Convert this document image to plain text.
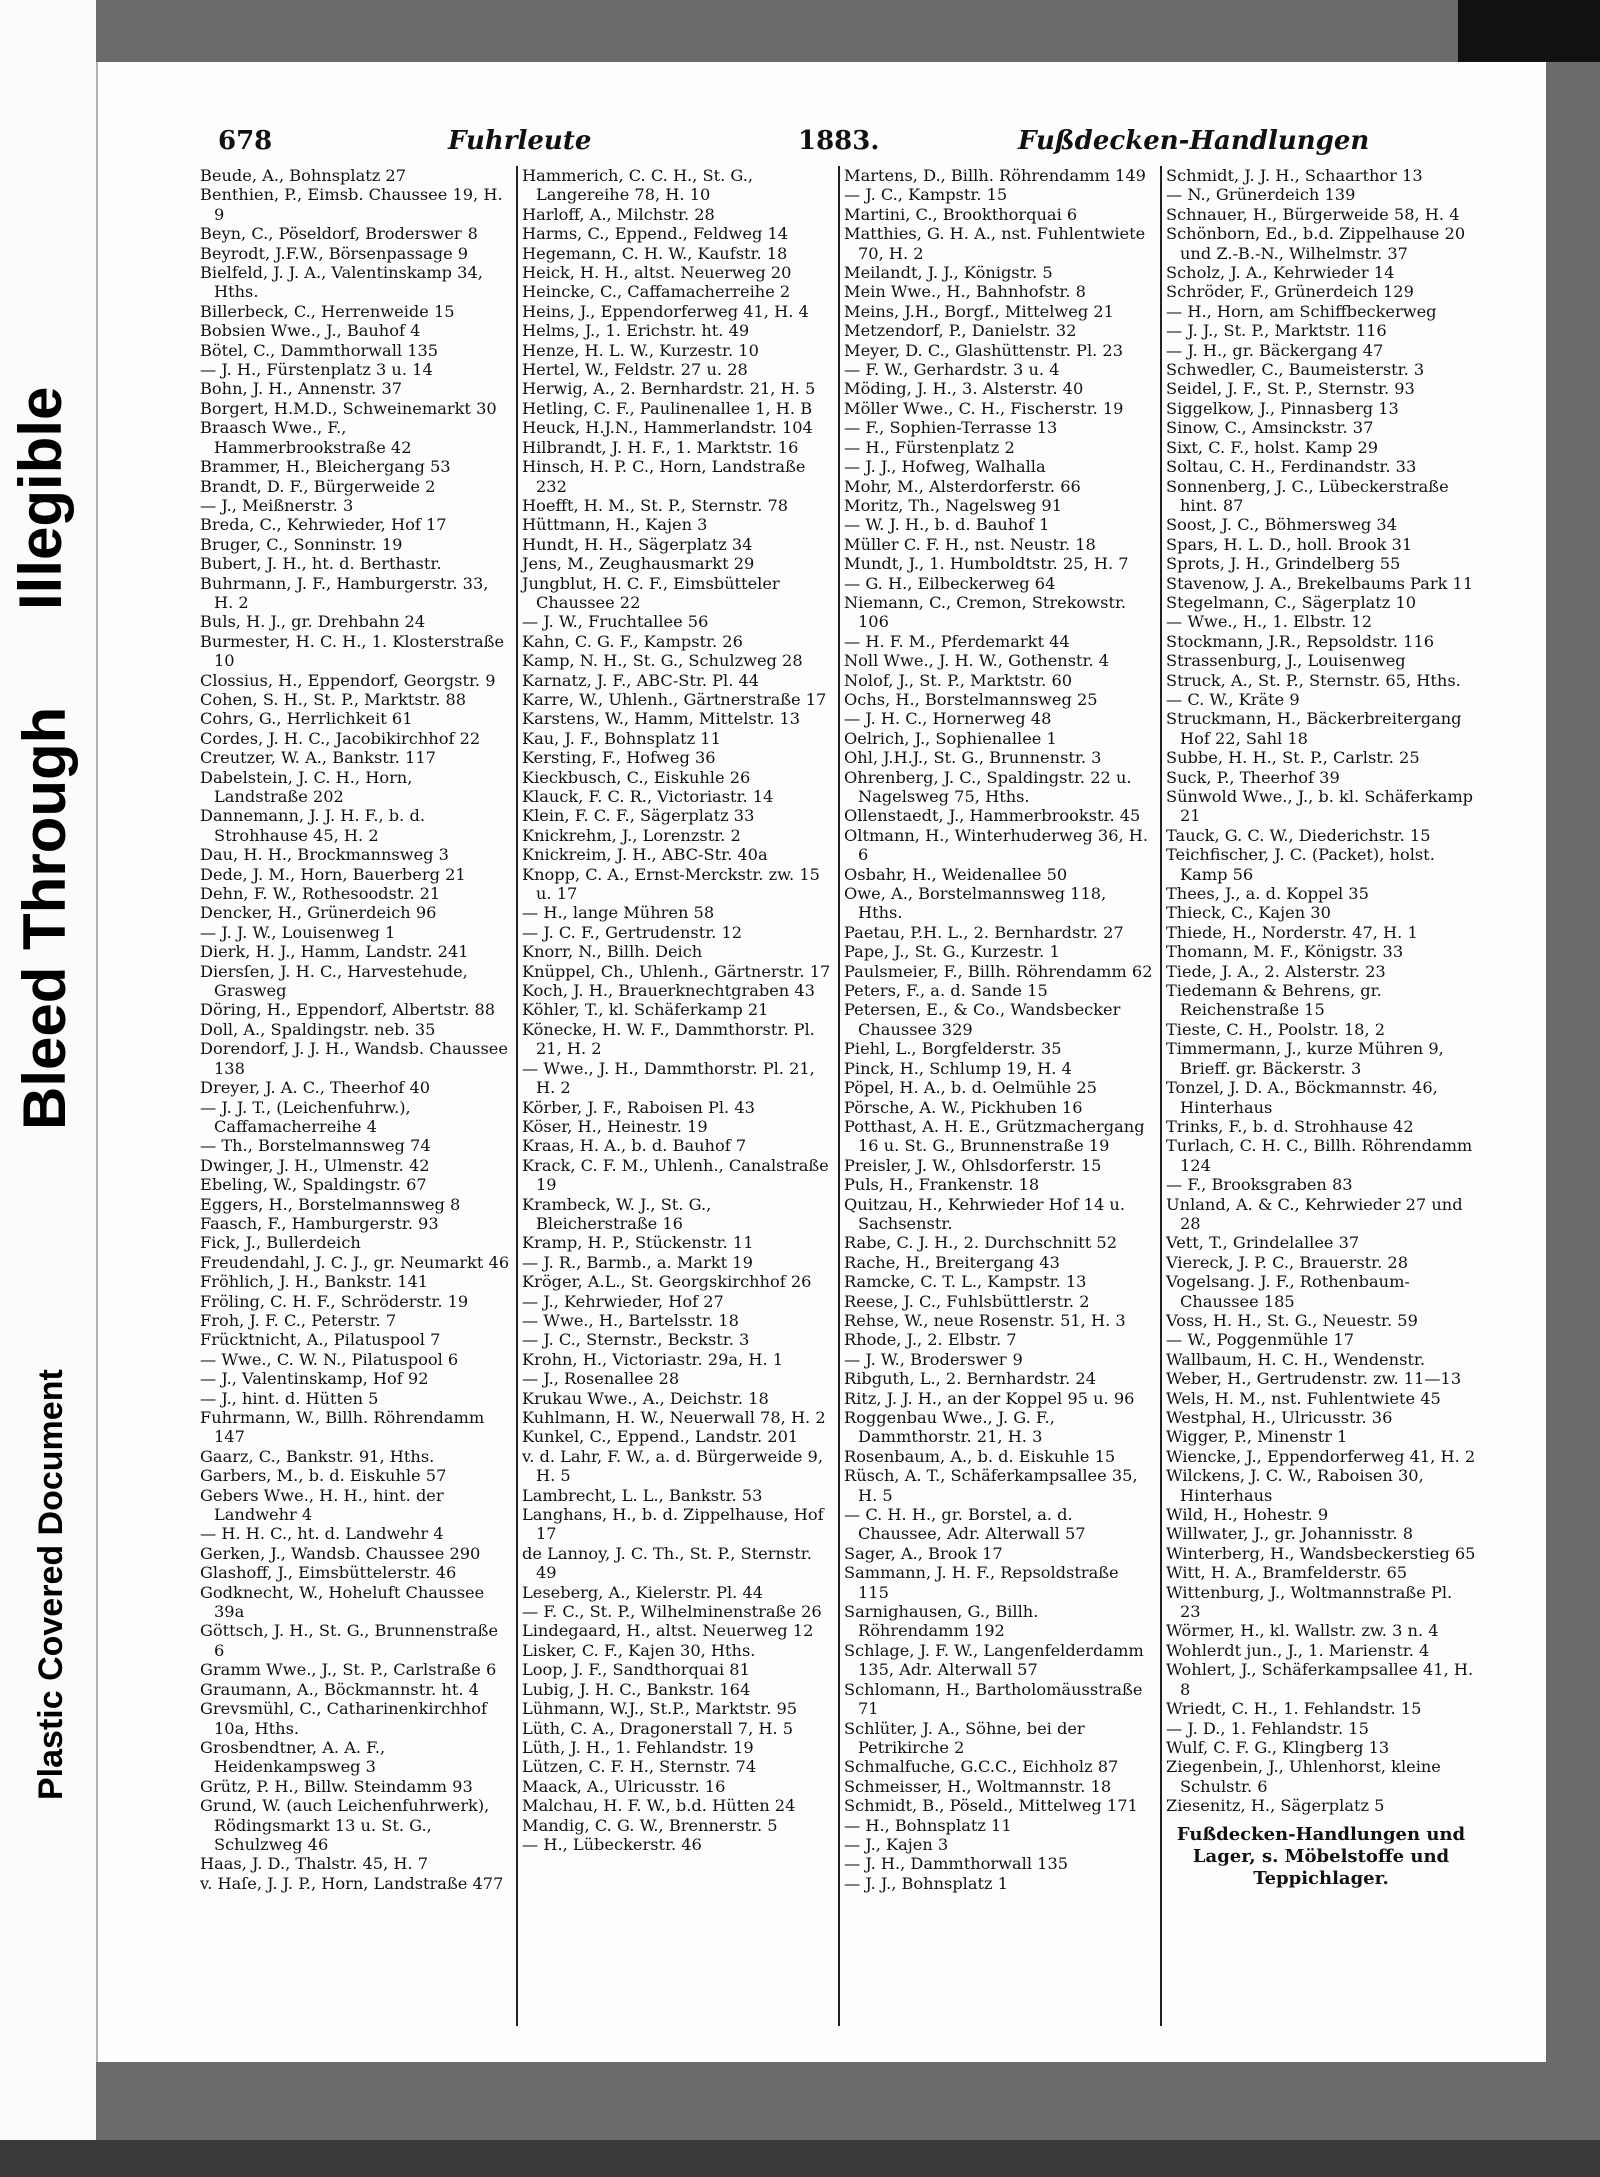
Illegible
Bleed Through
Plastic Covered Document
678	Fuhrleute	1883.	Fußdecken-Handlungen

Beude, A., Bohnsplatz 27

Benthien, P., Eimsb. Chaussee 19, H. 9

Beyn, C., Pöseldorf, Broderswег 8

Beyrodt, J.F.W., Börsenpassage 9

Bielfeld, J. J. A., Valentinskamp 34, Hths.

Billerbeck, C., Herrenweide 15

Bobsien Wwe., J., Bauhof 4

Bötel, C., Dammthorwall 135

— J. H., Fürstenplatz 3 u. 14

Bohn, J. H., Annenstr. 37

Borgert, H.M.D., Schweinemarkt 30

Braasch Wwe., F., Hammerbrookstraße 42

Brammer, H., Bleichergang 53

Brandt, D. F., Bürgerweide 2

— J., Meißnerstr. 3

Breda, C., Kehrwieder, Hof 17

Bruger, C., Sonninstr. 19

Bubert, J. H., ht. d. Berthastr.

Buhrmann, J. F., Hamburgerstr. 33, H. 2

Buls, H. J., gr. Drehbahn 24

Burmester, H. C. H., 1. Klosterstraße 10

Clossius, H., Eppendorf, Georgstr. 9

Cohen, S. H., St. P., Marktstr. 88

Cohrs, G., Herrlichkeit 61

Cordes, J. H. C., Jacobikirchhof 22

Creutzer, W. A., Bankstr. 117

Dabelstein, J. C. H., Horn, Landstraße 202

Dannemann, J. J. H. F., b. d. Strohhause 45, H. 2

Dau, H. H., Brockmannsweg 3

Dede, J. M., Horn, Bauerberg 21

Dehn, F. W., Rothesoodstr. 21

Dencker, H., Grünerdeich 96

— J. J. W., Louisenweg 1

Dierk, H. J., Hamm, Landstr. 241

Diersſen, J. H. C., Harvestehude, Grasweg

Döring, H., Eppendorf, Albertstr. 88

Doll, A., Spaldingstr. neb. 35

Dorendorf, J. J. H., Wandsb. Chaussee 138

Dreyer, J. A. C., Theerhof 40

— J. J. T., (Leichenfuhrw.), Caffamacherreihe 4

— Th., Borstelmannsweg 74

Dwinger, J. H., Ulmenstr. 42

Ebeling, W., Spaldingstr. 67

Eggers, H., Borstelmannsweg 8

Faasch, F., Hamburgerstr. 93

Fick, J., Bullerdeich

Freudendahl, J. C. J., gr. Neumarkt 46

Fröhlich, J. H., Bankstr. 141

Fröling, C. H. F., Schröderstr. 19

Froh, J. F. C., Peterstr. 7

Frücktnicht, A., Pilatuspool 7

— Wwe., C. W. N., Pilatuspool 6

— J., Valentinskamp, Hof 92

— J., hint. d. Hütten 5

Fuhrmann, W., Billh. Röhrendamm 147

Gaarz, C., Bankstr. 91, Hths.

Garbers, M., b. d. Eiskuhle 57

Gebers Wwe., H. H., hint. der Landwehr 4

— H. H. C., ht. d. Landwehr 4

Gerken, J., Wandsb. Chaussee 290

Glashoff, J., Eimsbüttelerstr. 46

Godknecht, W., Hoheluft Chaussee 39a

Göttsch, J. H., St. G., Brunnenstraße 6

Gramm Wwe., J., St. P., Carlstraße 6

Graumann, A., Böckmannstr. ht. 4

Grevsmühl, C., Catharinenkirchhof 10a, Hths.

Grosbendtner, A. A. F., Heidenkampsweg 3

Grütz, P. H., Billw. Steindamm 93

Grund, W. (auch Leichenfuhrwerk), Rödingsmarkt 13 u. St. G., Schulzweg 46

Haas, J. D., Thalstr. 45, H. 7

v. Haſe, J. J. P., Horn, Landstraße 477

Hammerich, C. C. H., St. G., Langereihe 78, H. 10

Harloff, A., Milchstr. 28

Harms, C., Eppend., Feldweg 14

Hegemann, C. H. W., Kaufstr. 18

Heick, H. H., altst. Neuerweg 20

Heincke, C., Caffamacherreihe 2

Heins, J., Eppendorferweg 41, H. 4

Helms, J., 1. Erichstr. ht. 49

Henze, H. L. W., Kurzestr. 10

Hertel, W., Feldstr. 27 u. 28

Herwig, A., 2. Bernhardstr. 21, H. 5

Hetling, C. F., Paulinenallee 1, H. B

Heuck, H.J.N., Hammerlandstr. 104

Hilbrandt, J. H. F., 1. Marktstr. 16

Hinsch, H. P. C., Horn, Landstraße 232

Hoefft, H. M., St. P., Sternstr. 78

Hüttmann, H., Kajen 3

Hundt, H. H., Sägerplatz 34

Jens, M., Zeughausmarkt 29

Jungblut, H. C. F., Eimsbütteler Chaussee 22

— J. W., Fruchtallee 56

Kahn, C. G. F., Kampstr. 26

Kamp, N. H., St. G., Schulzweg 28

Karnatz, J. F., ABC-Str. Pl. 44

Karre, W., Uhlenh., Gärtnerstraße 17

Karstens, W., Hamm, Mittelstr. 13

Kau, J. F., Bohnsplatz 11

Kersting, F., Hofweg 36

Kieckbusch, C., Eiskuhle 26

Klauck, F. C. R., Victoriastr. 14

Klein, F. C. F., Sägerplatz 33

Knickrehm, J., Lorenzstr. 2

Knickreim, J. H., ABC-Str. 40a

Knopp, C. A., Ernst-Merckstr. zw. 15 u. 17

— H., lange Mühren 58

— J. C. F., Gertrudenstr. 12

Knorr, N., Billh. Deich

Knüppel, Ch., Uhlenh., Gärtnerstr. 17

Koch, J. H., Brauerknechtgraben 43

Köhler, T., kl. Schäferkamp 21

Könecke, H. W. F., Dammthorstr. Pl. 21, H. 2

— Wwe., J. H., Dammthorstr. Pl. 21, H. 2

Körber, J. F., Raboisen Pl. 43

Köser, H., Heinestr. 19

Kraas, H. A., b. d. Bauhof 7

Krack, C. F. M., Uhlenh., Canalstraße 19

Krambeck, W. J., St. G., Bleicherstraße 16

Kramp, H. P., Stückenstr. 11

— J. R., Barmb., a. Markt 19

Kröger, A.L., St. Georgskirchhof 26

— J., Kehrwieder, Hof 27

— Wwe., H., Bartelsstr. 18

— J. C., Sternstr., Beckstr. 3

Krohn, H., Victoriastr. 29a, H. 1

— J., Rosenallee 28

Krukau Wwe., A., Deichstr. 18

Kuhlmann, H. W., Neuerwall 78, H. 2

Kunkel, C., Eppend., Landstr. 201

v. d. Lahr, F. W., a. d. Bürgerweide 9, H. 5

Lambrecht, L. L., Bankstr. 53

Langhans, H., b. d. Zippelhause, Hof 17

de Lannoy, J. C. Th., St. P., Sternstr. 49

Leseberg, A., Kielerstr. Pl. 44

— F. C., St. P., Wilhelminenstraße 26

Lindegaard, H., altst. Neuerweg 12

Lisker, C. F., Kajen 30, Hths.

Loop, J. F., Sandthorquai 81

Lubig, J. H. C., Bankstr. 164

Lühmann, W.J., St.P., Marktstr. 95

Lüth, C. A., Dragonerstall 7, H. 5

Lüth, J. H., 1. Fehlandstr. 19

Lützen, C. F. H., Sternstr. 74

Maack, A., Ulricusstr. 16

Malchau, H. F. W., b.d. Hütten 24

Mandig, C. G. W., Brennerstr. 5

— H., Lübeckerstr. 46

Martens, D., Billh. Röhrendamm 149

— J. C., Kampstr. 15

Martini, C., Brookthorquai 6

Matthies, G. H. A., nst. Fuhlentwiete 70, H. 2

Meilandt, J. J., Königstr. 5

Mein Wwe., H., Bahnhofstr. 8

Meins, J.H., Borgf., Mittelweg 21

Metzendorf, P., Danielstr. 32

Meyer, D. C., Glashüttenstr. Pl. 23

— F. W., Gerhardstr. 3 u. 4

Möding, J. H., 3. Alsterstr. 40

Möller Wwe., C. H., Fischerstr. 19

— F., Sophien-Terrasse 13

— H., Fürstenplatz 2

— J. J., Hofweg, Walhalla

Mohr, M., Alsterdorferstr. 66

Moritz, Th., Nagelsweg 91

— W. J. H., b. d. Bauhof 1

Müller C. F. H., nst. Neustr. 18

Mundt, J., 1. Humboldtstr. 25, H. 7

— G. H., Eilbeckerweg 64

Niemann, C., Cremon, Strekowstr. 106

— H. F. M., Pferdemarkt 44

Noll Wwe., J. H. W., Gothenstr. 4

Nolof, J., St. P., Marktstr. 60

Ochs, H., Borstelmannsweg 25

— J. H. C., Hornerweg 48

Oelrich, J., Sophienallee 1

Ohl, J.H.J., St. G., Brunnenstr. 3

Ohrenberg, J. C., Spaldingstr. 22 u. Nagelsweg 75, Hths.

Ollenstaedt, J., Hammerbrookstr. 45

Oltmann, H., Winterhuderweg 36, H. 6

Osbahr, H., Weidenallee 50

Owe, A., Borstelmannsweg 118, Hths.

Paetau, P.H. L., 2. Bernhardstr. 27

Pape, J., St. G., Kurzestr. 1

Paulsmeier, F., Billh. Röhrendamm 62

Peters, F., a. d. Sande 15

Petersen, E., & Co., Wandsbecker Chaussee 329

Piehl, L., Borgfelderstr. 35

Pinck, H., Schlump 19, H. 4

Pöpel, H. A., b. d. Oelmühle 25

Pörsche, A. W., Pickhuben 16

Potthast, A. H. E., Grützmachergang 16 u. St. G., Brunnenstraße 19

Preisler, J. W., Ohlsdorferstr. 15

Puls, H., Frankenstr. 18

Quitzau, H., Kehrwieder Hof 14 u. Sachsenstr.

Rabe, C. J. H., 2. Durchschnitt 52

Rache, H., Breitergang 43

Ramcke, C. T. L., Kampstr. 13

Reese, J. C., Fuhlsbüttlerstr. 2

Rehse, W., neue Rosenstr. 51, H. 3

Rhode, J., 2. Elbstr. 7

— J. W., Broderswег 9

Ribguth, L., 2. Bernhardstr. 24

Ritz, J. J. H., an der Koppel 95 u. 96

Roggenbau Wwe., J. G. F., Dammthorstr. 21, H. 3

Rosenbaum, A., b. d. Eiskuhle 15

Rüsch, A. T., Schäferkampsallee 35, H. 5

— C. H. H., gr. Borstel, a. d. Chaussee, Adr. Alterwall 57

Sager, A., Brook 17

Sammann, J. H. F., Repsoldstraße 115

Sarnighausen, G., Billh. Röhrendamm 192

Schlage, J. F. W., Langenfelderdamm 135, Adr. Alterwall 57

Schlomann, H., Bartholomäusstraße 71

Schlüter, J. A., Söhne, bei der Petrikirche 2

Schmalfuche, G.C.C., Eichholz 87

Schmeisser, H., Woltmannstr. 18

Schmidt, B., Pöseld., Mittelweg 171

— H., Bohnsplatz 11

— J., Kajen 3

— J. H., Dammthorwall 135

— J. J., Bohnsplatz 1

Schmidt, J. J. H., Schaarthor 13

— N., Grünerdeich 139

Schnauer, H., Bürgerweide 58, H. 4

Schönborn, Ed., b.d. Zippelhause 20 und Z.-B.-N., Wilhelmstr. 37

Scholz, J. A., Kehrwieder 14

Schröder, F., Grünerdeich 129

— H., Horn, am Schiffbeckerweg

— J. J., St. P., Marktstr. 116

— J. H., gr. Bäckergang 47

Schwedler, C., Baumeisterstr. 3

Seidel, J. F., St. P., Sternstr. 93

Siggelkow, J., Pinnasberg 13

Sinow, C., Amsinckstr. 37

Sixt, C. F., holst. Kamp 29

Soltau, C. H., Ferdinandstr. 33

Sonnenberg, J. C., Lübeckerstraße hint. 87

Soost, J. C., Böhmersweg 34

Spars, H. L. D., holl. Brook 31

Sprots, J. H., Grindelberg 55

Stavenow, J. A., Brekelbaums Park 11

Stegelmann, C., Sägerplatz 10

— Wwe., H., 1. Elbstr. 12

Stockmann, J.R., Repsoldstr. 116

Strassenburg, J., Louisenweg

Struck, A., St. P., Sternstr. 65, Hths.

— C. W., Kräte 9

Struckmann, H., Bäckerbreitergang Hof 22, Sahl 18

Subbe, H. H., St. P., Carlstr. 25

Suck, P., Theerhof 39

Sünwold Wwe., J., b. kl. Schäferkamp 21

Tauck, G. C. W., Diederichstr. 15

Teichfischer, J. C. (Packet), holst. Kamp 56

Thees, J., a. d. Koppel 35

Thieck, C., Kajen 30

Thiede, H., Norderstr. 47, H. 1

Thomann, M. F., Königstr. 33

Tiede, J. A., 2. Alsterstr. 23

Tiedemann & Behrens, gr. Reichenstraße 15

Tieste, C. H., Poolstr. 18, 2

Timmermann, J., kurze Mühren 9, Brieff. gr. Bäckerstr. 3

Tonzel, J. D. A., Böckmannstr. 46, Hinterhaus

Trinks, F., b. d. Strohhause 42

Turlach, C. H. C., Billh. Röhrendamm 124

— F., Brooksgraben 83

Unland, A. & C., Kehrwieder 27 und 28

Vett, T., Grindelallee 37

Viereck, J. P. C., Brauerstr. 28

Vogelsang. J. F., Rothenbaum-Chaussee 185

Voss, H. H., St. G., Neuestr. 59

— W., Poggenmühle 17

Wallbaum, H. C. H., Wendenstr.

Weber, H., Gertrudenstr. zw. 11—13

Wels, H. M., nst. Fuhlentwiete 45

Westphal, H., Ulricusstr. 36

Wigger, P., Minenstr 1

Wiencke, J., Eppendorferweg 41, H. 2

Wilckens, J. C. W., Raboisen 30, Hinterhaus

Wild, H., Hohestr. 9

Willwater, J., gr. Johannisstr. 8

Winterberg, H., Wandsbeckerstieg 65

Witt, H. A., Bramfelderstr. 65

Wittenburg, J., Woltmannstraße Pl. 23

Wörmer, H., kl. Wallstr. zw. 3 n. 4

Wohlerdt jun., J., 1. Marienstr. 4

Wohlert, J., Schäferkampsallee 41, H. 8

Wriedt, C. H., 1. Fehlandstr. 15

— J. D., 1. Fehlandstr. 15

Wulf, C. F. G., Klingberg 13

Ziegenbein, J., Uhlenhorst, kleine Schulstr. 6

Ziesenitz, H., Sägerplatz 5

Fußdecken-Handlungen und Lager, s. Möbelstoffe und Teppichlager.
